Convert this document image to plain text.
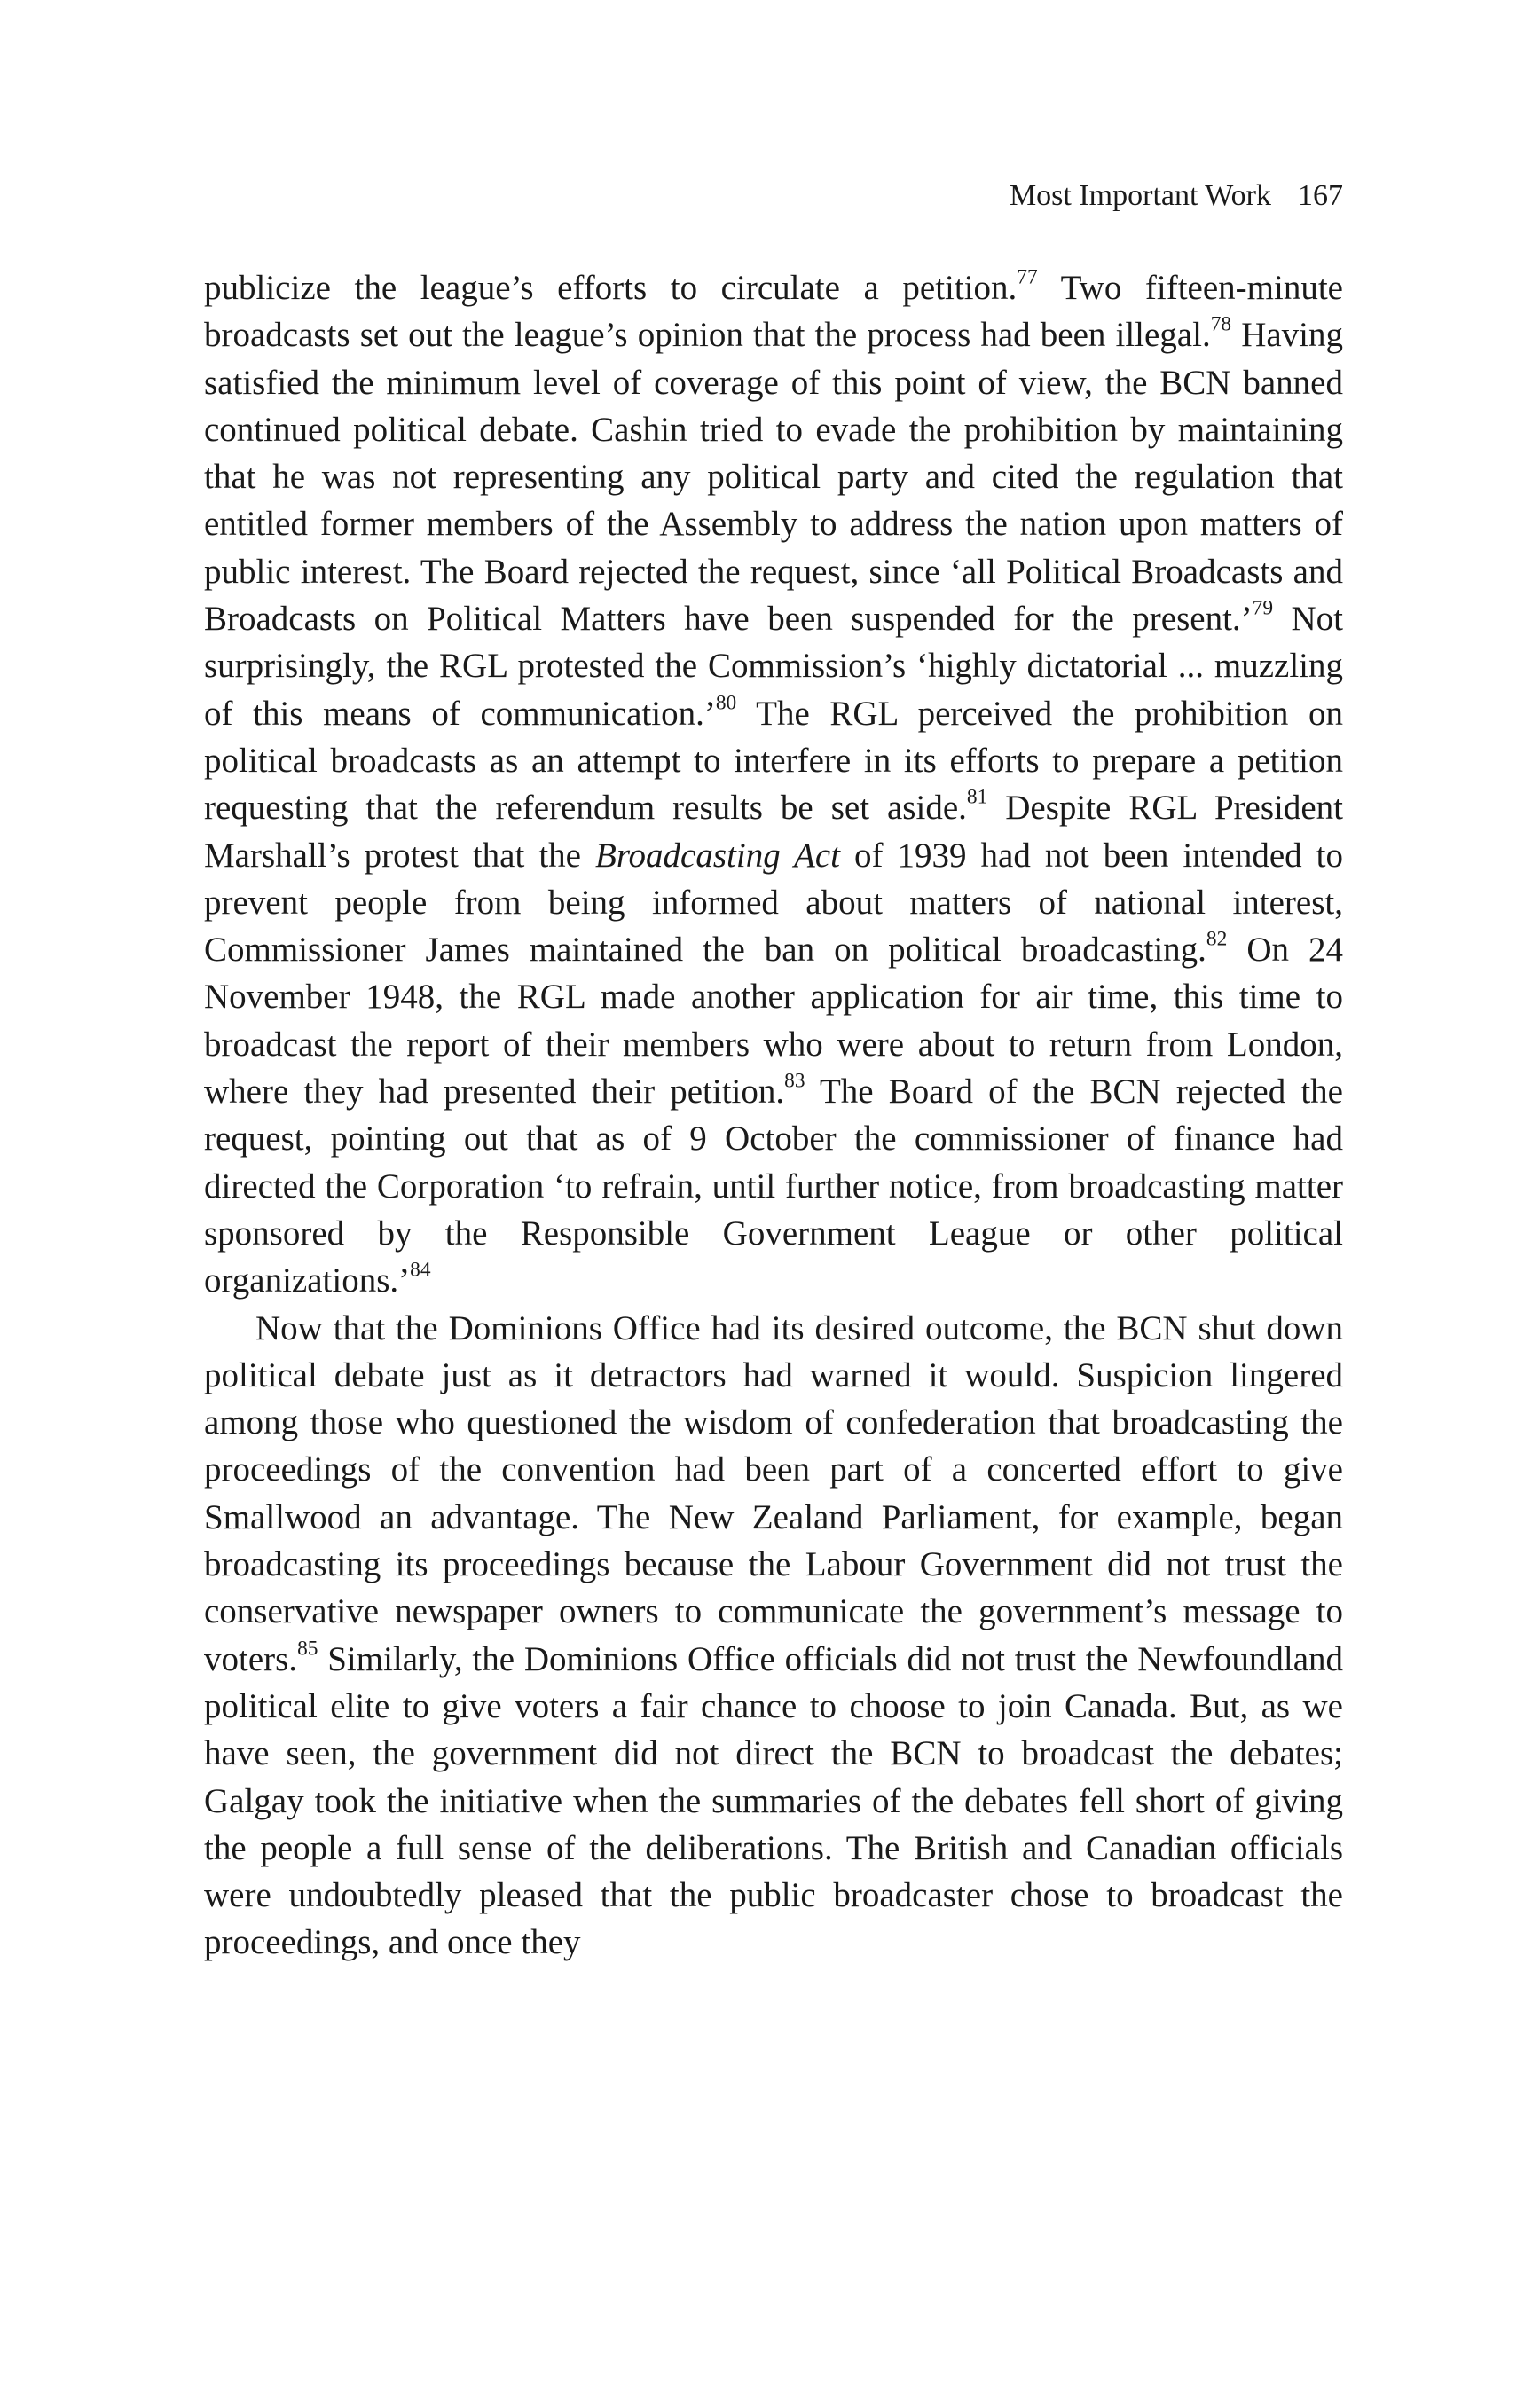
Most Important Work 167

publicize the league’s efforts to circulate a petition.$^{77}$ Two fifteen-minute broadcasts set out the league’s opinion that the process had been illegal.$^{78}$ Having satisfied the minimum level of coverage of this point of view, the BCN banned continued political debate. Cashin tried to evade the prohibition by maintaining that he was not representing any political party and cited the regulation that entitled former members of the Assembly to address the nation upon matters of public interest. The Board rejected the request, since ‘all Political Broadcasts and Broadcasts on Political Matters have been suspended for the present.’$^{79}$ Not surprisingly, the RGL protested the Commission’s ‘highly dictatorial ... muzzling of this means of communication.’$^{80}$ The RGL perceived the prohibition on political broadcasts as an attempt to interfere in its efforts to prepare a petition requesting that the referendum results be set aside.$^{81}$ Despite RGL President Marshall’s protest that the Broadcasting Act of 1939 had not been intended to prevent people from being informed about matters of national interest, Commissioner James maintained the ban on political broadcasting.$^{82}$ On 24 November 1948, the RGL made another application for air time, this time to broadcast the report of their members who were about to return from London, where they had presented their petition.$^{83}$ The Board of the BCN rejected the request, pointing out that as of 9 October the commissioner of finance had directed the Corporation ‘to refrain, until further notice, from broadcasting matter sponsored by the Responsible Government League or other political organizations.’$^{84}$

Now that the Dominions Office had its desired outcome, the BCN shut down political debate just as it detractors had warned it would. Suspicion lingered among those who questioned the wisdom of confederation that broadcasting the proceedings of the convention had been part of a concerted effort to give Smallwood an advantage. The New Zealand Parliament, for example, began broadcasting its proceedings because the Labour Government did not trust the conservative newspaper owners to communicate the government’s message to voters.$^{85}$ Similarly, the Dominions Office officials did not trust the Newfoundland political elite to give voters a fair chance to choose to join Canada. But, as we have seen, the government did not direct the BCN to broadcast the debates; Galgay took the initiative when the summaries of the debates fell short of giving the people a full sense of the deliberations. The British and Canadian officials were undoubtedly pleased that the public broadcaster chose to broadcast the proceedings, and once they
